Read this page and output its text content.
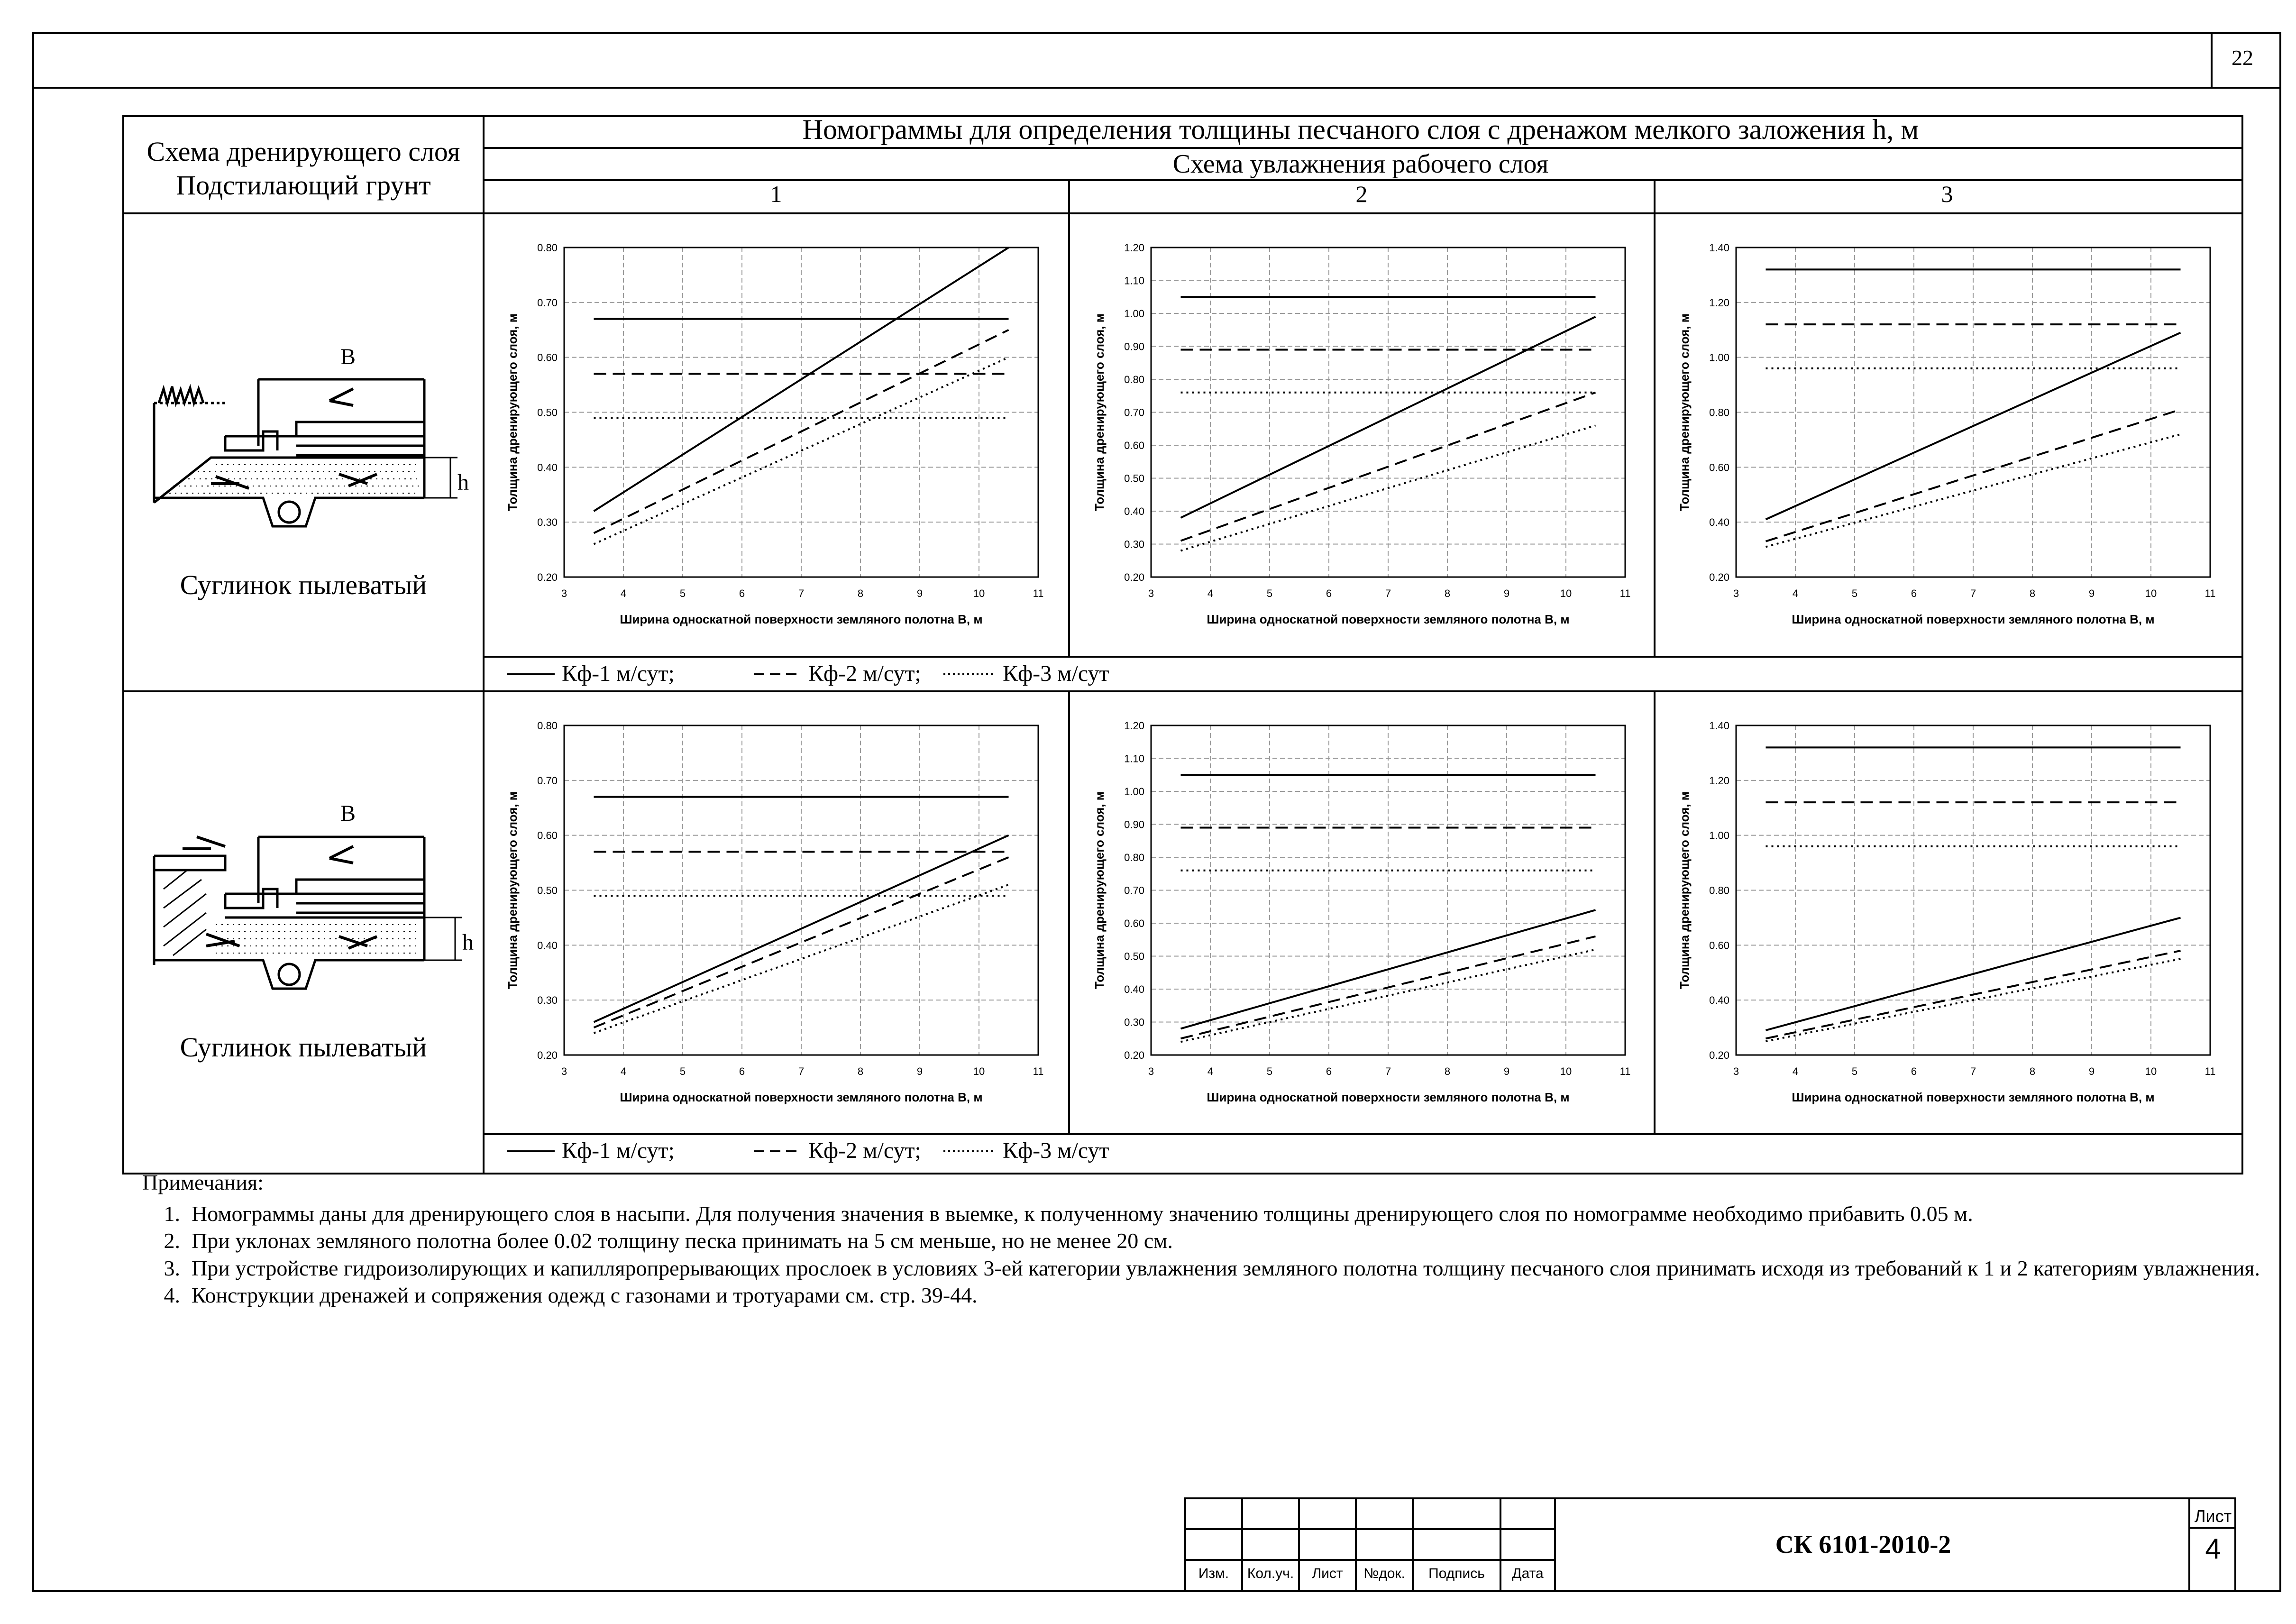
3	4	5	6	7	8	9	10	11
0.20
0.30
0.40
0.50
0.60
0.70
0.80
Ширина односкатной поверхности земляного полотна B, м
Толщина дренирующего слоя, м
3	4	5	6	7	8	9	10	11
0.20
0.30
0.40
0.50
0.60
0.70
0.80
0.90
1.00
1.10
1.20
Ширина односкатной поверхности земляного полотна B, м
Толщина дренирующего слоя, м
3	4	5	6	7	8	9	10	11
0.20
0.40
0.60
0.80
1.00
1.20
1.40
Ширина односкатной поверхности земляного полотна B, м
Толщина дренирующего слоя, м
3	4	5	6	7	8	9	10	11
0.20
0.30
0.40
0.50
0.60
0.70
0.80
Ширина односкатной поверхности земляного полотна B, м
Толщина дренирующего слоя, м
3	4	5	6	7	8	9	10	11
0.20
0.30
0.40
0.50
0.60
0.70
0.80
0.90
1.00
1.10
1.20
Ширина односкатной поверхности земляного полотна B, м
Толщина дренирующего слоя, м
3	4	5	6	7	8	9	10	11
0.20
0.40
0.60
0.80
1.00
1.20
1.40
Ширина односкатной поверхности земляного полотна B, м
Толщина дренирующего слоя, м
22
Схема дренирующего слоя
Подстилающий грунт
Номограммы для определения толщины песчаного слоя с дренажом мелкого заложения h, м
Схема увлажнения рабочего слоя
1	2	3
B
h
Суглинок пылеватый
B
h
Суглинок пылеватый
Кф-1 м/сут;	Кф-2 м/сут;	Кф-3 м/сут
Кф-1 м/сут;	Кф-2 м/сут;	Кф-3 м/сут

Примечания:

1. Номограммы даны для дренирующего слоя в насыпи. Для получения значения в выемке, к полученному значению толщины дренирующего слоя по номограмме необходимо прибавить 0.05 м.
2. При уклонах земляного полотна более 0.02 толщину песка принимать на 5 см меньше, но не менее 20 см.
3. При устройстве гидроизолирующих и капилляропрерывающих прослоек в условиях 3-ей категории увлажнения земляного полотна толщину песчаного слоя принимать исходя из требований к 1 и 2 категориям увлажнения.
4. Конструкции дренажей и сопряжения одежд с газонами и тротуарами см. стр. 39-44.
Изм.	Кол.уч.	Лист	№док.	Подпись	Дата
СК 6101-2010-2
Лист
4
